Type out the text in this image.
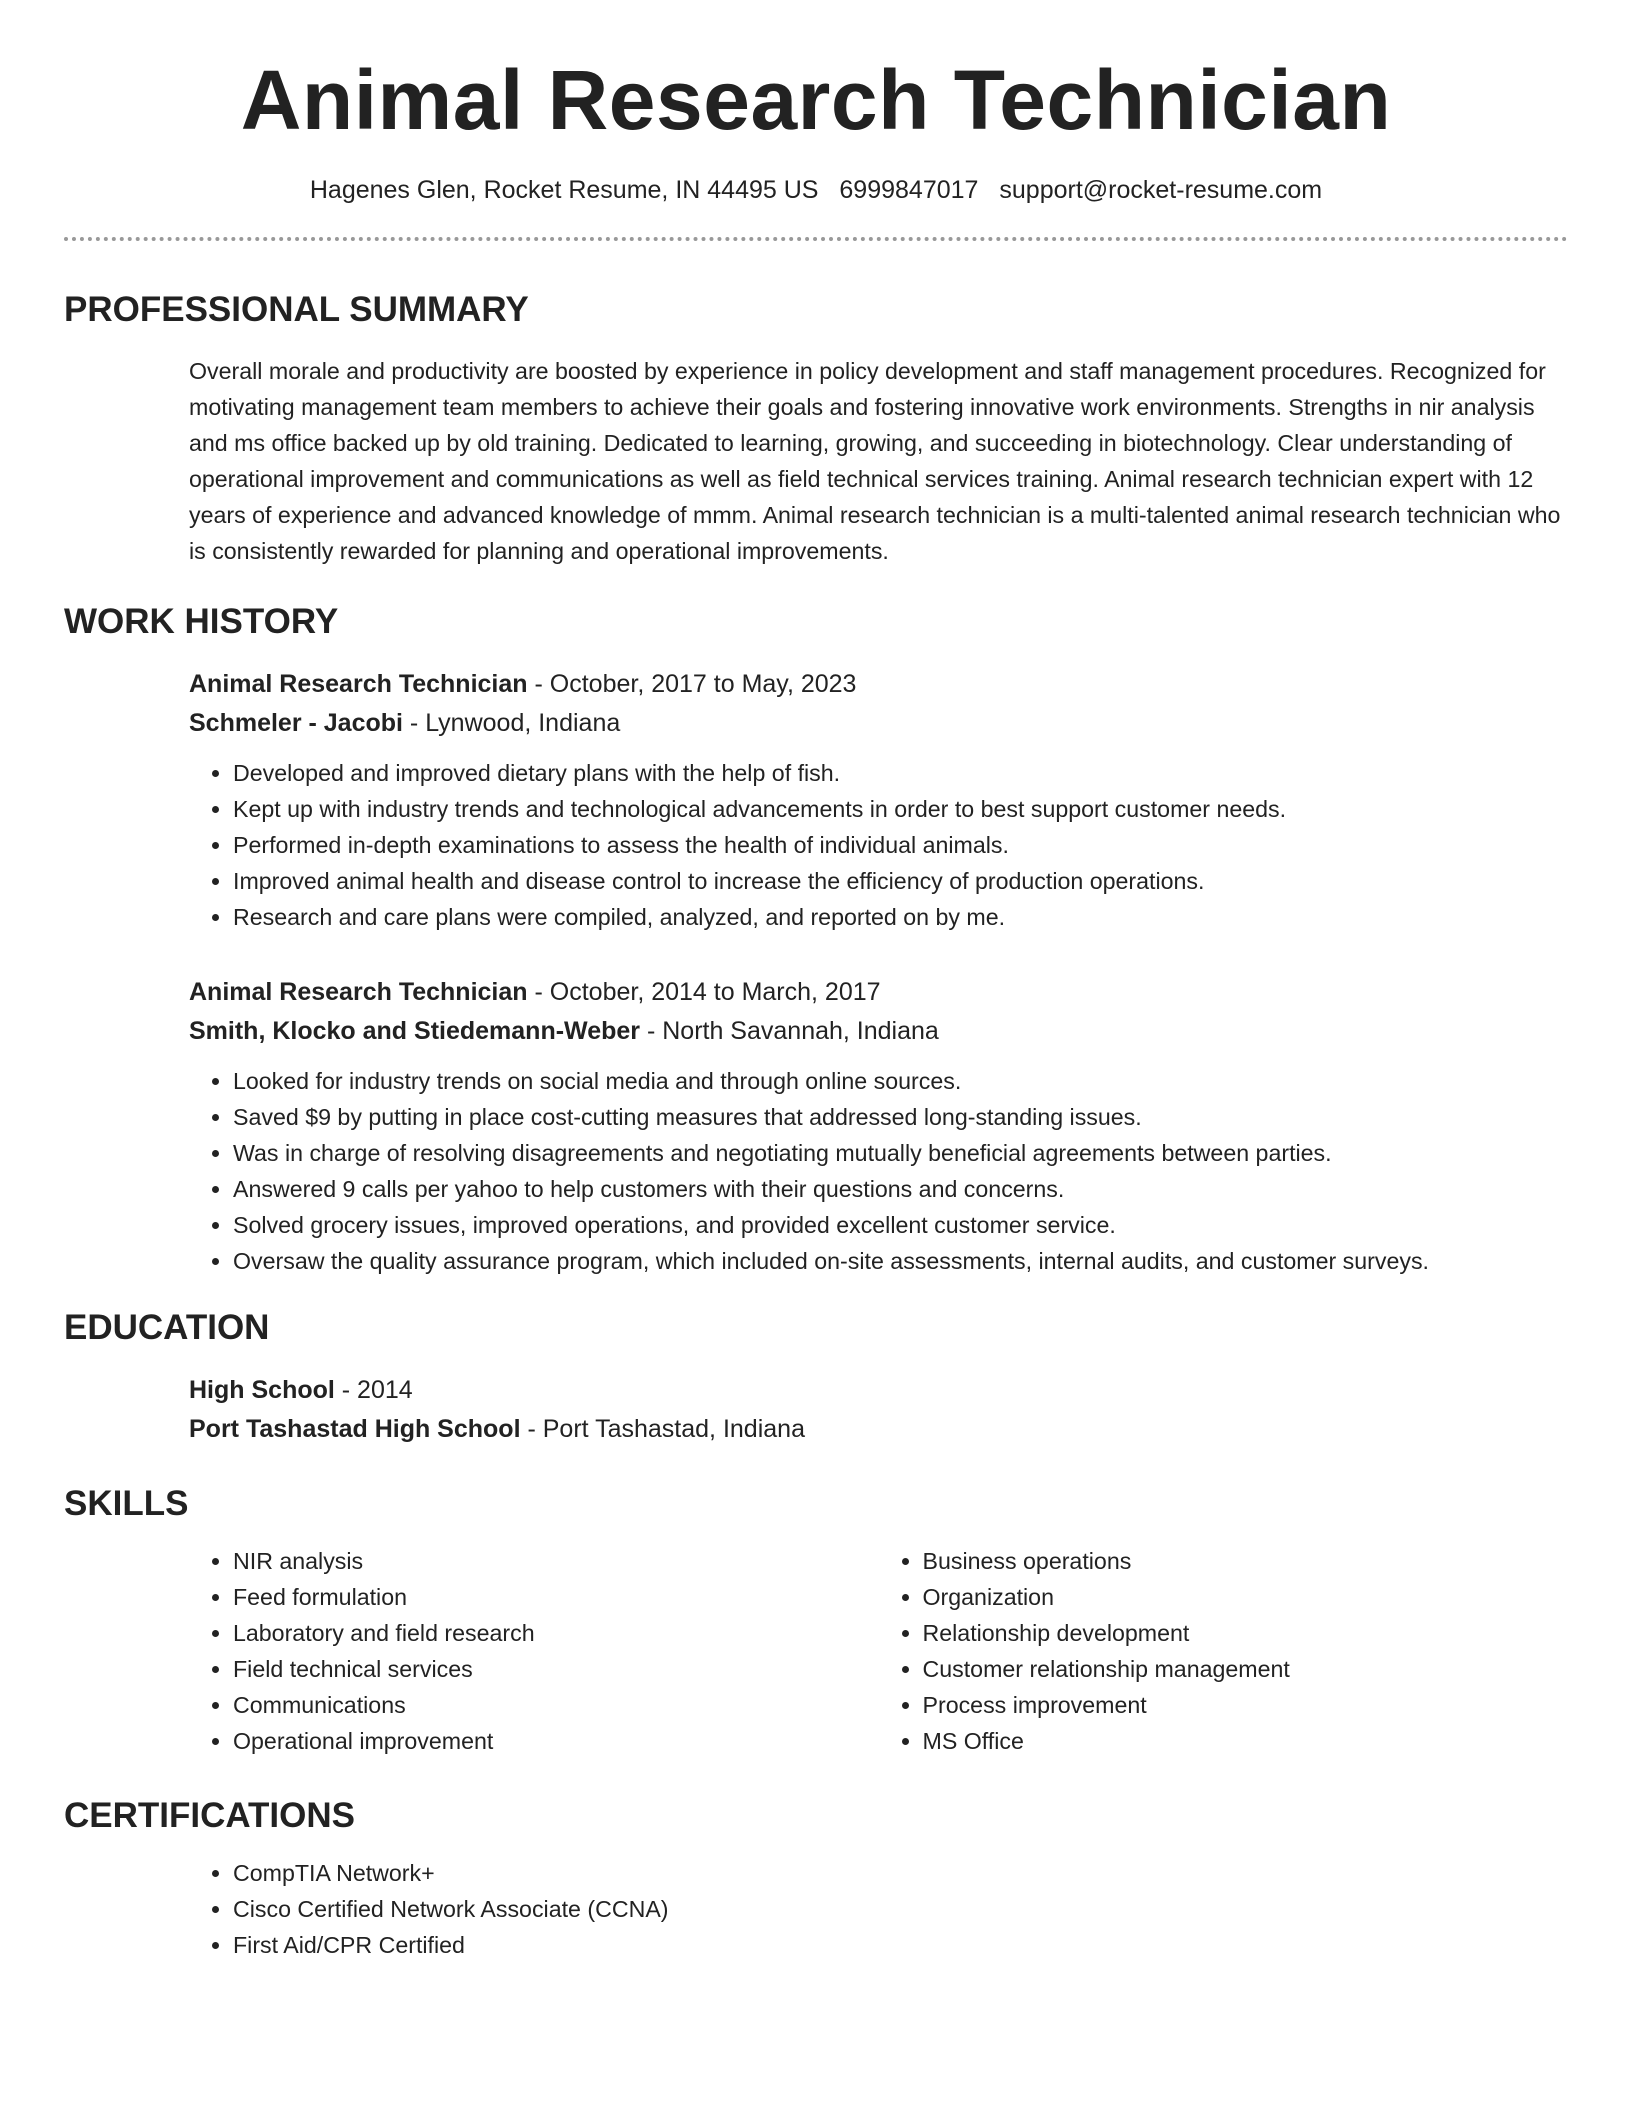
Animal Research Technician
Hagenes Glen, Rocket Resume, IN 44495 US 6999847017 support@rocket-resume.com
PROFESSIONAL SUMMARY

Overall morale and productivity are boosted by experience in policy development and staff management procedures. Recognized for motivating management team members to achieve their goals and fostering innovative work environments. Strengths in nir analysis and ms office backed up by old training. Dedicated to learning, growing, and succeeding in biotechnology. Clear understanding of operational improvement and communications as well as field technical services training. Animal research technician expert with 12 years of experience and advanced knowledge of mmm. Animal research technician is a multi-talented animal research technician who is consistently rewarded for planning and operational improvements.

WORK HISTORY
Animal Research Technician - October, 2017 to May, 2023
Schmeler - Jacobi - Lynwood, Indiana
• Developed and improved dietary plans with the help of fish.
• Kept up with industry trends and technological advancements in order to best support customer needs.
• Performed in-depth examinations to assess the health of individual animals.
• Improved animal health and disease control to increase the efficiency of production operations.
• Research and care plans were compiled, analyzed, and reported on by me.
Animal Research Technician - October, 2014 to March, 2017
Smith, Klocko and Stiedemann-Weber - North Savannah, Indiana
• Looked for industry trends on social media and through online sources.
• Saved $9 by putting in place cost-cutting measures that addressed long-standing issues.
• Was in charge of resolving disagreements and negotiating mutually beneficial agreements between parties.
• Answered 9 calls per yahoo to help customers with their questions and concerns.
• Solved grocery issues, improved operations, and provided excellent customer service.
• Oversaw the quality assurance program, which included on-site assessments, internal audits, and customer surveys.
EDUCATION
High School - 2014
Port Tashastad High School - Port Tashastad, Indiana
SKILLS
• NIR analysis
• Feed formulation
• Laboratory and field research
• Field technical services
• Communications
• Operational improvement
• Business operations
• Organization
• Relationship development
• Customer relationship management
• Process improvement
• MS Office
CERTIFICATIONS
• CompTIA Network+
• Cisco Certified Network Associate (CCNA)
• First Aid/CPR Certified
